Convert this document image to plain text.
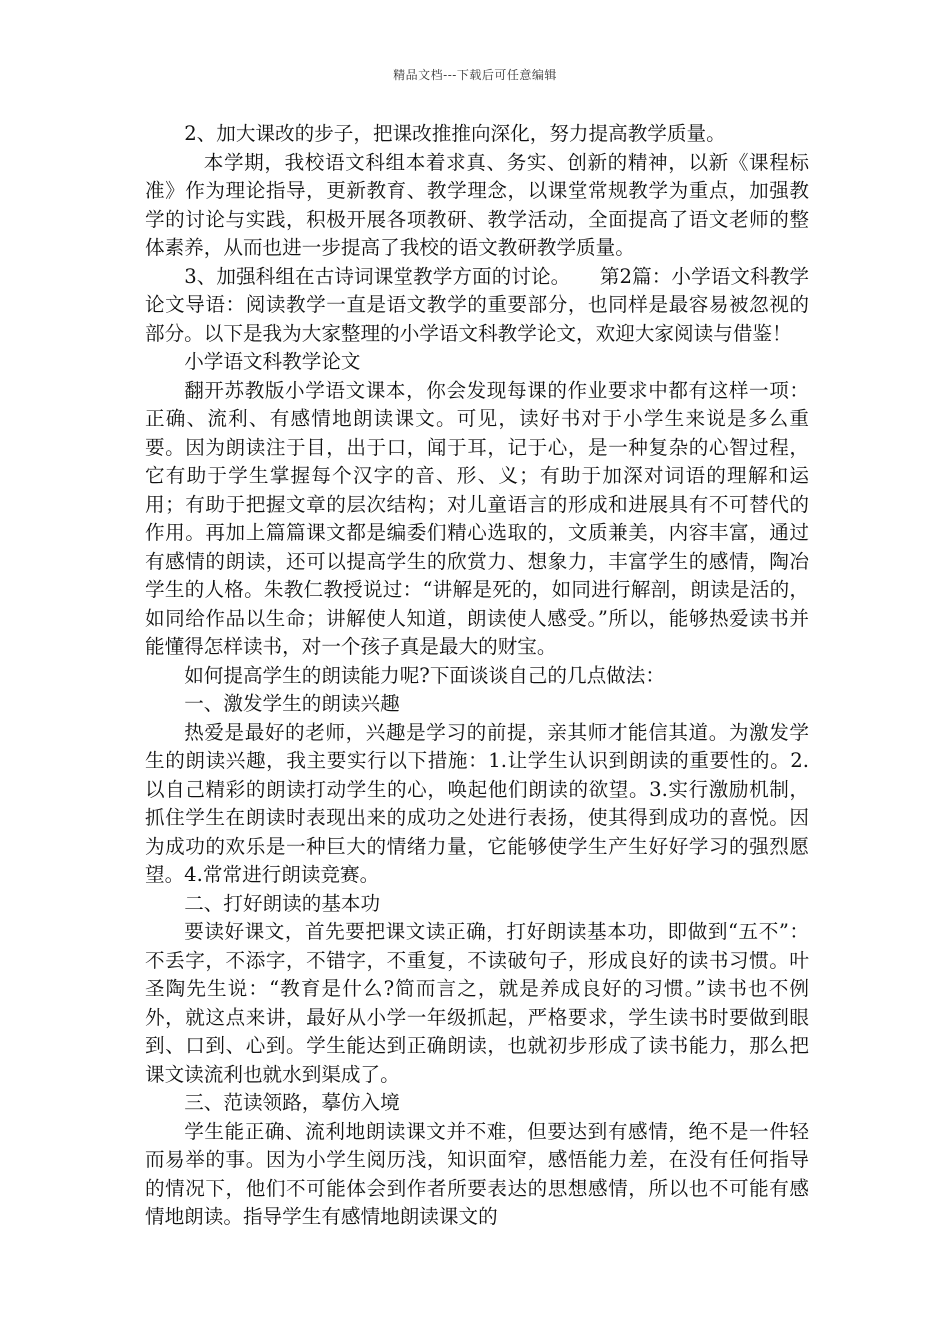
精品文档---下载后可任意编辑

2、加大课改的步子，把课改推推向深化，努力提高教学质量。

本学期，我校语文科组本着求真、务实、创新的精神，以新《课程标准》作为理论指导，更新教育、教学理念，以课堂常规教学为重点，加强教学的讨论与实践，积极开展各项教研、教学活动，全面提高了语文老师的整体素养，从而也进一步提高了我校的语文教研教学质量。

3、加强科组在古诗词课堂教学方面的讨论。　　第2篇：小学语文科教学论文导语：阅读教学一直是语文教学的重要部分，也同样是最容易被忽视的部分。以下是我为大家整理的小学语文科教学论文，欢迎大家阅读与借鉴！

小学语文科教学论文

翻开苏教版小学语文课本，你会发现每课的作业要求中都有这样一项：正确、流利、有感情地朗读课文。可见，读好书对于小学生来说是多么重要。因为朗读注于目，出于口，闻于耳，记于心，是一种复杂的心智过程，它有助于学生掌握每个汉字的音、形、义；有助于加深对词语的理解和运用；有助于把握文章的层次结构；对儿童语言的形成和进展具有不可替代的作用。再加上篇篇课文都是编委们精心选取的，文质兼美，内容丰富，通过有感情的朗读，还可以提高学生的欣赏力、想象力，丰富学生的感情，陶冶学生的人格。朱教仁教授说过：“讲解是死的，如同进行解剖，朗读是活的，如同给作品以生命；讲解使人知道，朗读使人感受。”所以，能够热爱读书并能懂得怎样读书，对一个孩子真是最大的财宝。

如何提高学生的朗读能力呢?下面谈谈自己的几点做法：

一、激发学生的朗读兴趣

热爱是最好的老师，兴趣是学习的前提，亲其师才能信其道。为激发学生的朗读兴趣，我主要实行以下措施：1.让学生认识到朗读的重要性的。2.以自己精彩的朗读打动学生的心，唤起他们朗读的欲望。3.实行激励机制，抓住学生在朗读时表现出来的成功之处进行表扬，使其得到成功的喜悦。因为成功的欢乐是一种巨大的情绪力量，它能够使学生产生好好学习的强烈愿望。4.常常进行朗读竞赛。

二、打好朗读的基本功

要读好课文，首先要把课文读正确，打好朗读基本功，即做到“五不”：不丢字，不添字，不错字，不重复，不读破句子，形成良好的读书习惯。叶圣陶先生说：“教育是什么?简而言之，就是养成良好的习惯。”读书也不例外，就这点来讲，最好从小学一年级抓起，严格要求，学生读书时要做到眼到、口到、心到。学生能达到正确朗读，也就初步形成了读书能力，那么把课文读流利也就水到渠成了。

三、范读领路，摹仿入境

学生能正确、流利地朗读课文并不难，但要达到有感情，绝不是一件轻而易举的事。因为小学生阅历浅，知识面窄，感悟能力差，在没有任何指导的情况下，他们不可能体会到作者所要表达的思想感情，所以也不可能有感情地朗读。指导学生有感情地朗读课文的
